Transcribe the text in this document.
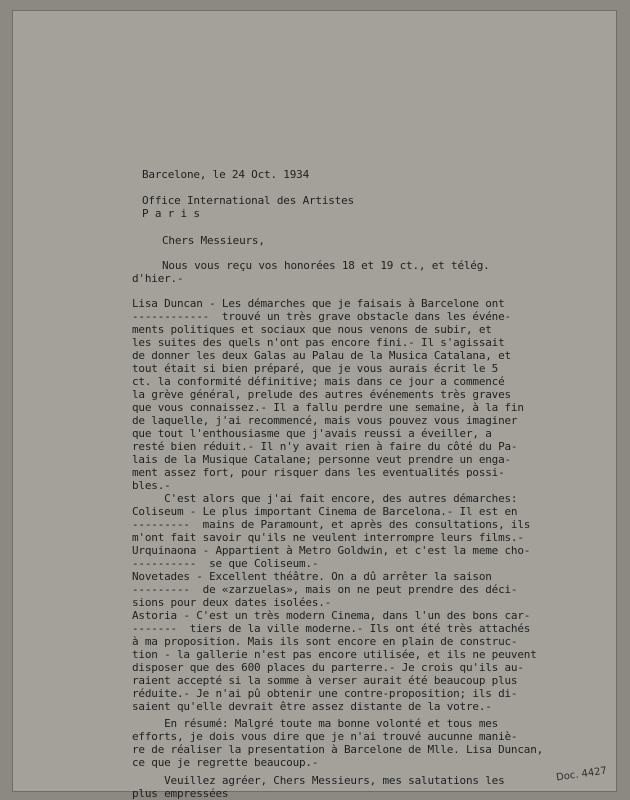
Barcelone, le 24 Oct. 1934
Office International des Artistes
P a r i s
Chers Messieurs,
Nous vous reçu vos honorées 18 et 19 ct., et télég.
d'hier.-
Lisa Duncan - Les démarches que je faisais à Barcelone ont
------------  trouvé un très grave obstacle dans les événe-
ments politiques et sociaux que nous venons de subir, et
les suites des quels n'ont pas encore fini.- Il s'agissait
de donner les deux Galas au Palau de la Musica Catalana, et
tout était si bien préparé, que je vous aurais écrit le 5
ct. la conformité définitive; mais dans ce jour a commencé
la grève général, prelude des autres événements très graves
que vous connaissez.- Il a fallu perdre une semaine, à la fin
de laquelle, j'ai recommencé, mais vous pouvez vous imaginer
que tout l'enthousiasme que j'avais reussi a éveiller, a
resté bien réduit.- Il n'y avait rien à faire du côté du Pa-
lais de la Musique Catalane; personne veut prendre un enga-
ment assez fort, pour risquer dans les eventualités possi-
bles.-
C'est alors que j'ai fait encore, des autres démarches:
Coliseum - Le plus important Cinema de Barcelona.- Il est en
---------  mains de Paramount, et après des consultations, ils
m'ont fait savoir qu'ils ne veulent interrompre leurs films.-
Urquinaona - Appartient à Metro Goldwin, et c'est la meme cho-
----------  se que Coliseum.-
Novetades - Excellent théâtre. On a dû arrêter la saison
---------  de «zarzuelas», mais on ne peut prendre des déci-
sions pour deux dates isolées.-
Astoria - C'est un très modern Cinema, dans l'un des bons car-
-------  tiers de la ville moderne.- Ils ont été très attachés
à ma proposition. Mais ils sont encore en plain de construc-
tion - la gallerie n'est pas encore utilisée, et ils ne peuvent
disposer que des 600 places du parterre.- Je crois qu'ils au-
raient accepté si la somme à verser aurait été beaucoup plus
réduite.- Je n'ai pû obtenir une contre-proposition; ils di-
saient qu'elle devrait être assez distante de la votre.-
En résumé: Malgré toute ma bonne volonté et tous mes
efforts, je dois vous dire que je n'ai trouvé aucunne maniè-
re de réaliser la presentation à Barcelone de Mlle. Lisa Duncan,
ce que je regrette beaucoup.-
Veuillez agréer, Chers Messieurs, mes salutations les
plus empressées
Doc. 4427
